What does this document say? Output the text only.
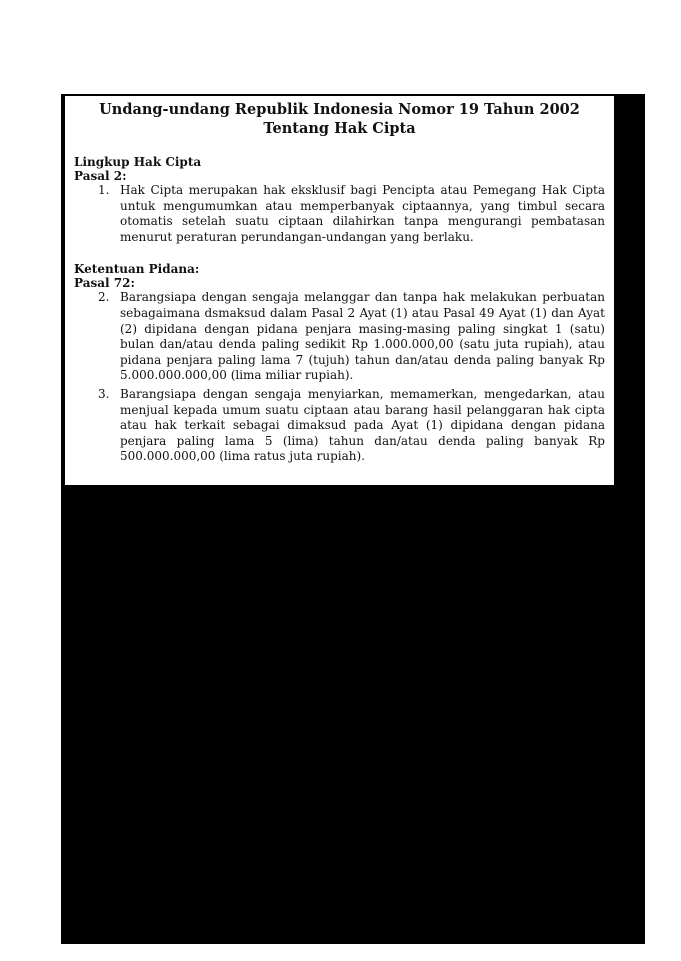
Undang-undang Republik Indonesia Nomor 19 Tahun 2002
Tentang Hak Cipta

Lingkup Hak Cipta

Pasal 2:

1. Hak Cipta merupakan hak eksklusif bagi Pencipta atau Pemegang Hak Cipta untuk mengumumkan atau memperbanyak ciptaannya, yang timbul secara otomatis setelah suatu ciptaan dilahirkan tanpa mengurangi pembatasan menurut peraturan perundangan-undangan yang berlaku.

Ketentuan Pidana:

Pasal 72:

2. Barangsiapa dengan sengaja melanggar dan tanpa hak melakukan perbuatan sebagaimana dsmaksud dalam Pasal 2 Ayat (1) atau Pasal 49 Ayat (1) dan Ayat (2) dipidana dengan pidana penjara masing-masing paling singkat 1 (satu) bulan dan/atau denda paling sedikit Rp 1.000.000,00 (satu juta rupiah), atau pidana penjara paling lama 7 (tujuh) tahun dan/atau denda paling banyak Rp 5.000.000.000,00 (lima miliar rupiah).
3. Barangsiapa dengan sengaja menyiarkan, memamerkan, mengedarkan, atau menjual kepada umum suatu ciptaan atau barang hasil pelanggaran hak cipta atau hak terkait sebagai dimaksud pada Ayat (1) dipidana dengan pidana penjara paling lama 5 (lima) tahun dan/atau denda paling banyak Rp 500.000.000,00 (lima ratus juta rupiah).
